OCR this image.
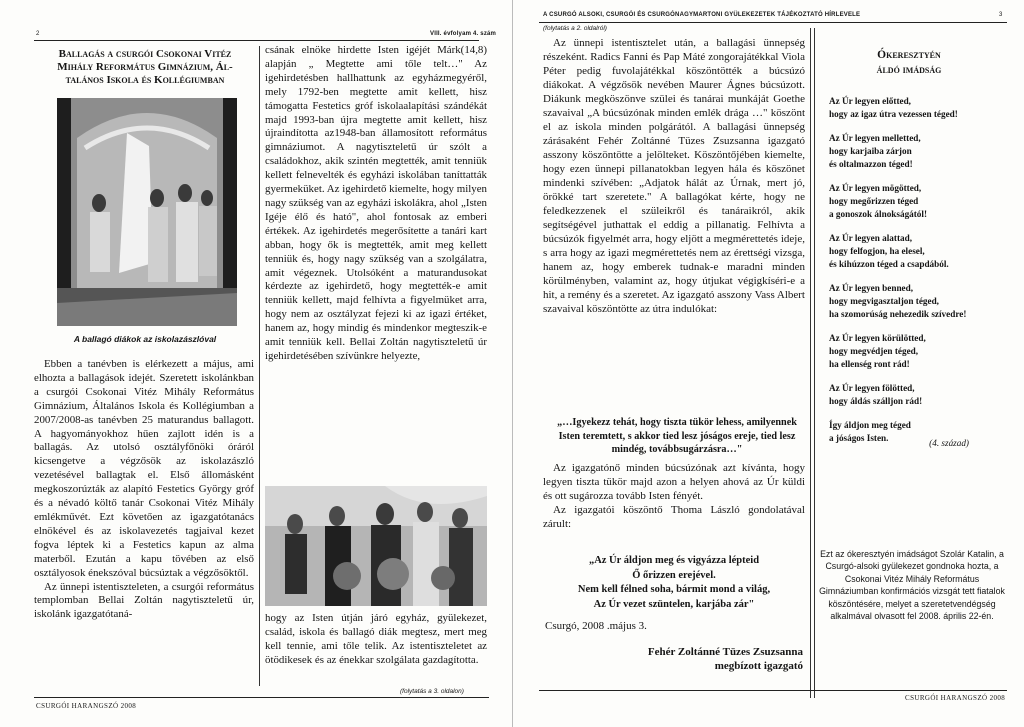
2	VIII. évfolyam 4. szám
Ballagás a csurgói Csokonai Vitéz
Mihály Református Gimnázium, Ál-
talános Iskola és Kollégiumban
A ballagó diákok az iskolazászlóval

Ebben a tanévben is elérkezett a május, ami elhozta a ballagások idejét. Szeretett iskolánkban a csurgói Csokonai Vitéz Mihály Református Gimnázium, Általános Iskola és Kollégiumban a 2007/2008-as tanévben 25 maturandus ballagott. A hagyományokhoz hűen zajlott idén is a ballagás. Az utolsó osztályfőnöki óráról kicsengetve a végzősök az iskolazászló vezetésével ballagtak el. Első állomásként megkoszorúzták az alapító Festetics György gróf és a névadó költő tanár Csokonai Vitéz Mihály emlékművét. Ezt követően az igazgatótanács elnökével és az iskolavezetés tagjaival kezet fogva léptek ki a Festetics kapun az alma materből. Ezután a kapu tövében az első osztályosok énekszóval búcsúztak a végzősöktől.

Az ünnepi istentiszteleten, a csurgói református templomban Bellai Zoltán nagytiszteletű úr, iskolánk igazgatótaná-

csának elnöke hirdette Isten igéjét Márk(14,8) alapján „ Megtette ami tőle telt…" Az igehirdetésben hallhattunk az egyházmegyéről, mely 1792-ben megtette amit kellett, hisz támogatta Festetics gróf iskolaalapítási szándékát majd 1993-ban újra megtette amit kellett, hisz újraindította az1948-ban államosított református gimnáziumot. A nagytiszteletű úr szólt a családokhoz, akik szintén megtették, amit tenniük kellett felnevelték és egyházi iskolában taníttatták gyermeküket. Az igehirdető kiemelte, hogy milyen nagy szükség van az egyházi iskolákra, ahol „Isten Igéje élő és ható", ahol fontosak az emberi értékek. Az igehirdetés megerősítette a tanári kart abban, hogy ők is megtették, amit meg kellett tenniük és, hogy nagy szükség van a szolgálatra, amit végeznek. Utolsóként a maturandusokat kérdezte az igehirdető, hogy megtették-e amit tenniük kellett, majd felhívta a figyelmüket arra, hogy nem az osztályzat fejezi ki az igazi értéket, hanem az, hogy mindig és mindenkor megteszik-e amit tenniük kell. Bellai Zoltán nagytiszteletű úr igehirdetésében szívünkre helyezte,

hogy az Isten útján járó egyház, gyülekezet, család, iskola és ballagó diák megtesz, mert meg kell tennie, ami tőle telik. Az istentiszteletet az ötödikesek és az énekkar szolgálata gazdagította.

(folytatás a 3. oldalon)
CSURGÓI HARANGSZÓ 2008
A CSURGÓ ALSOKI, CSURGÓI ÉS CSURGÓNAGYMARTONI GYÜLEKEZETEK TÁJÉKOZTATÓ HÍRLEVELE	3
(folytatás a 2. oldalról)

Az ünnepi istentisztelet után, a ballagási ünnepség részeként. Radics Fanni és Pap Máté zongorajátékkal Viola Péter pedig fuvolajátékkal köszöntötték a búcsúzó diákokat. A végzősök nevében Maurer Ágnes búcsúzott. Diákunk megköszönve szülei és tanárai munkáját Goethe szavaival „A búcsúzónak minden emlék drága …" köszönt el az iskola minden polgárától. A ballagási ünnepség zárásaként Fehér Zoltánné Tüzes Zsuzsanna igazgató asszony köszöntötte a jelölteket. Köszöntőjében kiemelte, hogy ezen ünnepi pillanatokban legyen hála és köszönet mindenki szívében: „Adjatok hálát az Úrnak, mert jó, örökké tart szeretete." A ballagókat kérte, hogy ne feledkezzenek el szüleikről és tanáraikról, akik segítségével juthattak el eddig a pillanatig. Felhívta a búcsúzók figyelmét arra, hogy eljött a megmérettetés ideje, s arra hogy az igazi megmérettetés nem az érettségi vizsga, hanem az, hogy emberek tudnak-e maradni minden körülményben, valamint az, hogy útjukat végigkíséri-e a hit, a remény és a szeretet. Az igazgató asszony Vass Albert szavaival köszöntötte az útra indulókat:

„…Igyekezz tehát, hogy tiszta tükör lehess, amilyennek Isten teremtett, s akkor tied lesz jóságos ereje, tied lesz mindég, továbbsugárzásra…"

Az igazgatónő minden búcsúzónak azt kívánta, hogy legyen tiszta tükör majd azon a helyen ahová az Úr küldi és ott sugározza tovább Isten fényét.

Az igazgatói köszöntő Thoma László gondolatával zárult:

„Az Úr áldjon meg és vigyázza lépteid
Ő őrizzen erejével.
Nem kell félned soha, bármit mond a világ,
Az Úr vezet szüntelen, karjába zár"
Csurgó, 2008 .május 3.
Fehér Zoltánné Tüzes Zsuzsanna
megbízott igazgató
Ókeresztyén
áldó imádság
Az Úr legyen előtted,
hogy az igaz útra vezessen téged!
Az Úr legyen melletted,
hogy karjaiba zárjon
és oltalmazzon téged!
Az Úr legyen mögötted,
hogy megőrizzen téged
a gonoszok álnokságától!
Az Úr legyen alattad,
hogy felfogjon, ha elesel,
és kihúzzon téged a csapdából.
Az Úr legyen benned,
hogy megvigasztaljon téged,
ha szomorúság nehezedik szívedre!
Az Úr legyen körülötted,
hogy megvédjen téged,
ha ellenség ront rád!
Az Úr legyen fölötted,
hogy áldás szálljon rád!
Így áldjon meg téged
a jóságos Isten.	(4. század)
Ezt az ókeresztyén imádságot Szolár Katalin, a Csurgó-alsoki gyülekezet gondnoka hozta, a Csokonai Vitéz Mihály Református Gimnáziumban konfirmációs vizsgát tett fiatalok köszöntésére, melyet a szeretetvendégség alkalmával olvasott fel 2008. április 22-én.
CSURGÓI HARANGSZÓ 2008
